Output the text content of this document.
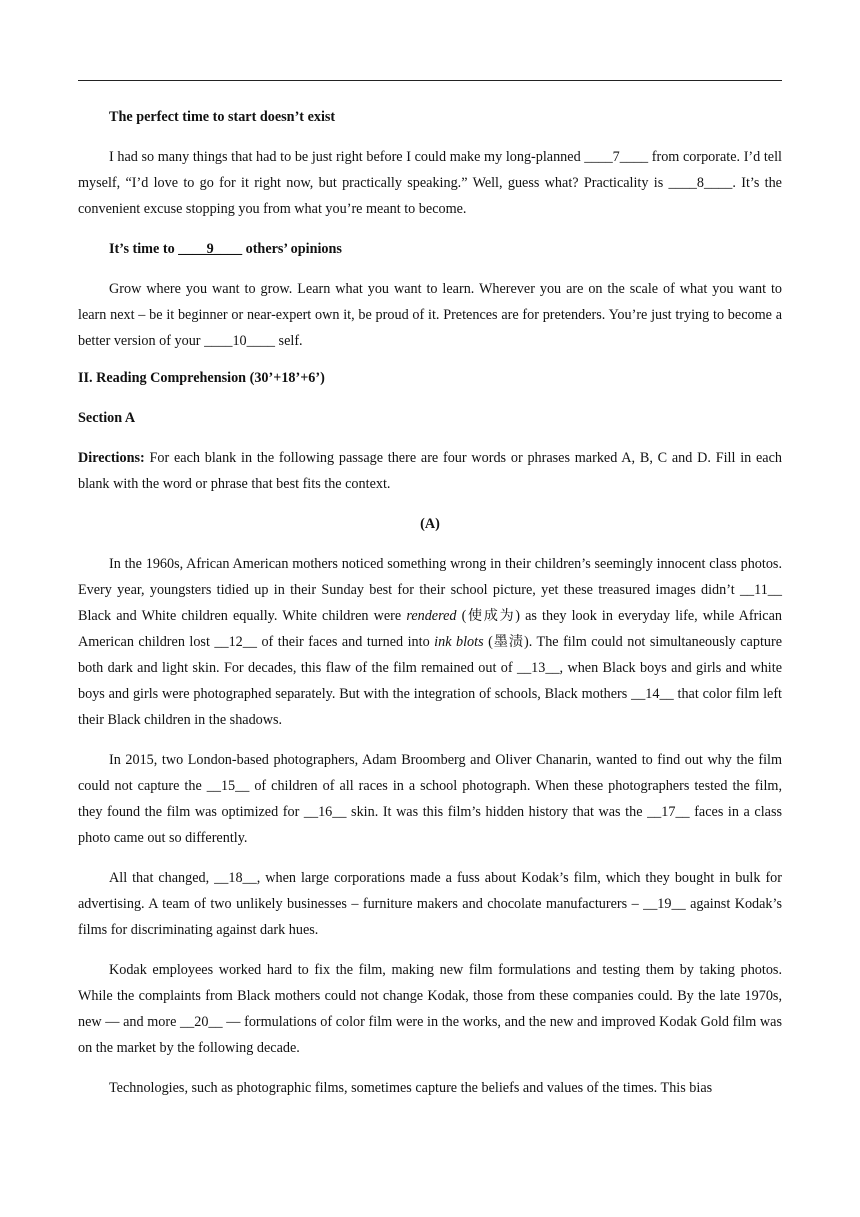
The perfect time to start doesn’t exist

I had so many things that had to be just right before I could make my long-planned ____7____ from corporate. I’d tell myself, “I’d love to go for it right now, but practically speaking.” Well, guess what? Practicality is ____8____. It’s the convenient excuse stopping you from what you’re meant to become.

It’s time to ____9____ others’ opinions

Grow where you want to grow. Learn what you want to learn. Wherever you are on the scale of what you want to learn next – be it beginner or near-expert own it, be proud of it. Pretences are for pretenders. You’re just trying to become a better version of your ____10____ self.

II. Reading Comprehension (30’+18’+6’)

Section A

Directions: For each blank in the following passage there are four words or phrases marked A, B, C and D. Fill in each blank with the word or phrase that best fits the context.

(A)

In the 1960s, African American mothers noticed something wrong in their children’s seemingly innocent class photos. Every year, youngsters tidied up in their Sunday best for their school picture, yet these treasured images didn’t __11__ Black and White children equally. White children were rendered (使成为) as they look in everyday life, while African American children lost __12__ of their faces and turned into ink blots (墨渍). The film could not simultaneously capture both dark and light skin. For decades, this flaw of the film remained out of __13__, when Black boys and girls and white boys and girls were photographed separately. But with the integration of schools, Black mothers __14__ that color film left their Black children in the shadows.

In 2015, two London-based photographers, Adam Broomberg and Oliver Chanarin, wanted to find out why the film could not capture the __15__ of children of all races in a school photograph. When these photographers tested the film, they found the film was optimized for __16__ skin. It was this film’s hidden history that was the __17__ faces in a class photo came out so differently.

All that changed, __18__, when large corporations made a fuss about Kodak’s film, which they bought in bulk for advertising. A team of two unlikely businesses – furniture makers and chocolate manufacturers – __19__ against Kodak’s films for discriminating against dark hues.

Kodak employees worked hard to fix the film, making new film formulations and testing them by taking photos. While the complaints from Black mothers could not change Kodak, those from these companies could. By the late 1970s, new — and more __20__ — formulations of color film were in the works, and the new and improved Kodak Gold film was on the market by the following decade.

Technologies, such as photographic films, sometimes capture the beliefs and values of the times. This bias
